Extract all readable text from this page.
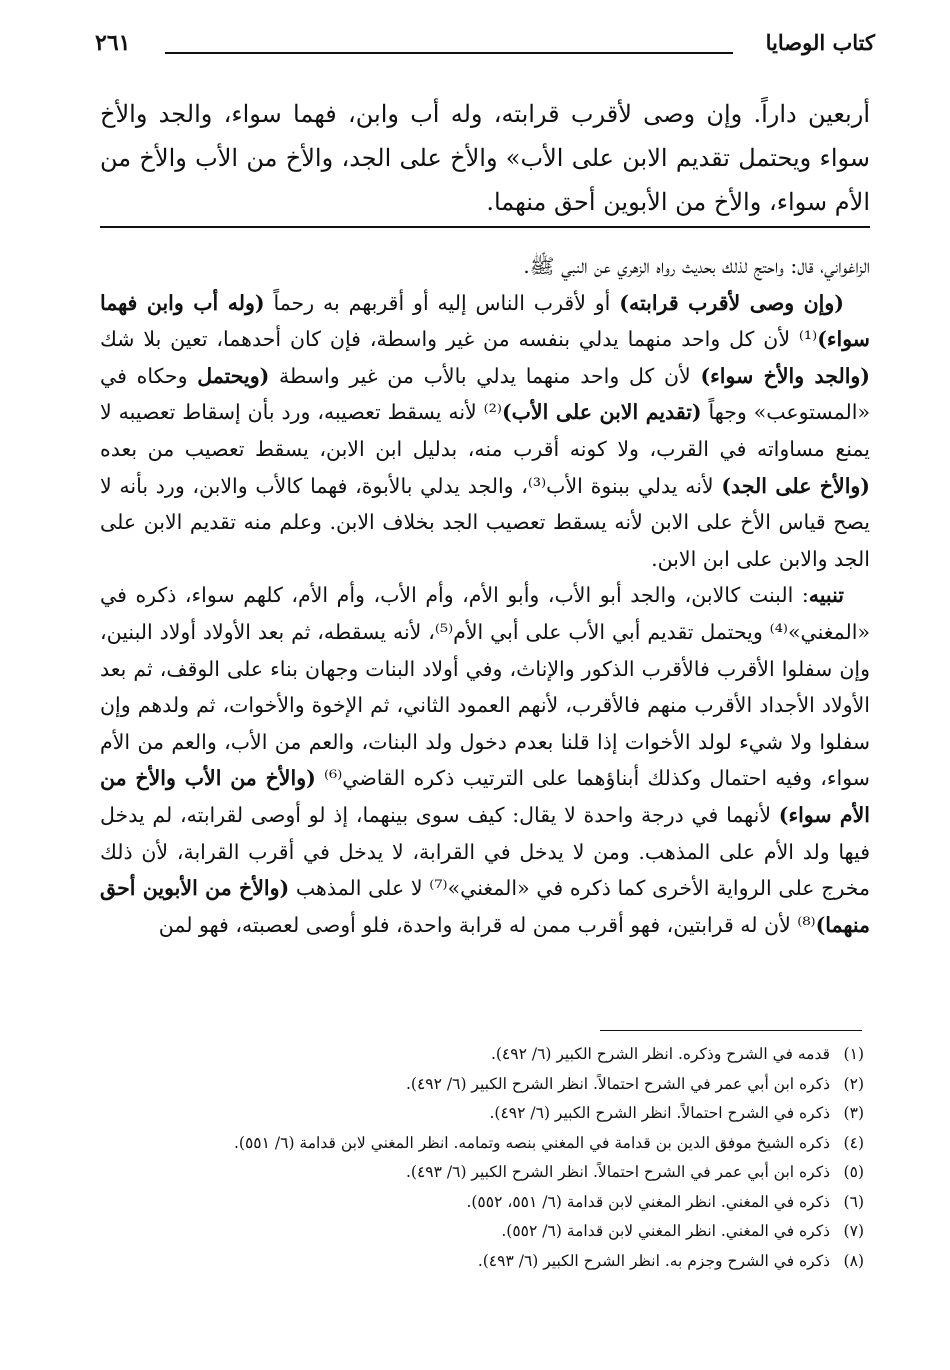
كتاب الوصايا
٢٦١
أربعين داراً. وإن وصى لأقرب قرابته، وله أب وابن، فهما سواء، والجد والأخ سواء ويحتمل تقديم الابن على الأب» والأخ على الجد، والأخ من الأب والأخ من الأم سواء، والأخ من الأبوين أحق منهما.

الزاغواني، قال: واحتج لذلك بحديث رواه الزهري عن النبي ﷺ.

(وإن وصى لأقرب قرابته) أو لأقرب الناس إليه أو أقربهم به رحماً (وله أب وابن فهما سواء)⁽¹⁾ لأن كل واحد منهما يدلي بنفسه من غير واسطة، فإن كان أحدهما، تعين بلا شك (والجد والأخ سواء) لأن كل واحد منهما يدلي بالأب من غير واسطة (ويحتمل وحكاه في «المستوعب» وجهاً (تقديم الابن على الأب)⁽²⁾ لأنه يسقط تعصيبه، ورد بأن إسقاط تعصيبه لا يمنع مساواته في القرب، ولا كونه أقرب منه، بدليل ابن الابن، يسقط تعصيب من بعده (والأخ على الجد) لأنه يدلي ببنوة الأب⁽³⁾، والجد يدلي بالأبوة، فهما كالأب والابن، ورد بأنه لا يصح قياس الأخ على الابن لأنه يسقط تعصيب الجد بخلاف الابن. وعلم منه تقديم الابن على الجد والابن على ابن الابن.

تنبيه: البنت كالابن، والجد أبو الأب، وأبو الأم، وأم الأب، وأم الأم، كلهم سواء، ذكره في «المغني»⁽⁴⁾ ويحتمل تقديم أبي الأب على أبي الأم⁽⁵⁾، لأنه يسقطه، ثم بعد الأولاد أولاد البنين، وإن سفلوا الأقرب فالأقرب الذكور والإناث، وفي أولاد البنات وجهان بناء على الوقف، ثم بعد الأولاد الأجداد الأقرب منهم فالأقرب، لأنهم العمود الثاني، ثم الإخوة والأخوات، ثم ولدهم وإن سفلوا ولا شيء لولد الأخوات إذا قلنا بعدم دخول ولد البنات، والعم من الأب، والعم من الأم سواء، وفيه احتمال وكذلك أبناؤهما على الترتيب ذكره القاضي⁽⁶⁾ (والأخ من الأب والأخ من الأم سواء) لأنهما في درجة واحدة لا يقال: كيف سوى بينهما، إذ لو أوصى لقرابته، لم يدخل فيها ولد الأم على المذهب. ومن لا يدخل في القرابة، لا يدخل في أقرب القرابة، لأن ذلك مخرج على الرواية الأخرى كما ذكره في «المغني»⁽⁷⁾ لا على المذهب (والأخ من الأبوين أحق منهما)⁽⁸⁾ لأن له قرابتين، فهو أقرب ممن له قرابة واحدة، فلو أوصى لعصبته، فهو لمن

(١)قدمه في الشرح وذكره. انظر الشرح الكبير (٦/ ٤٩٢).
(٢)ذكره ابن أبي عمر في الشرح احتمالاً. انظر الشرح الكبير (٦/ ٤٩٢).
(٣)ذكره في الشرح احتمالاً. انظر الشرح الكبير (٦/ ٤٩٢).
(٤)ذكره الشيخ موفق الدين بن قدامة في المغني بنصه وتمامه. انظر المغني لابن قدامة (٦/ ٥٥١).
(٥)ذكره ابن أبي عمر في الشرح احتمالاً. انظر الشرح الكبير (٦/ ٤٩٣).
(٦)ذكره في المغني. انظر المغني لابن قدامة (٦/ ٥٥١، ٥٥٢).
(٧)ذكره في المغني. انظر المغني لابن قدامة (٦/ ٥٥٢).
(٨)ذكره في الشرح وجزم به. انظر الشرح الكبير (٦/ ٤٩٣).
